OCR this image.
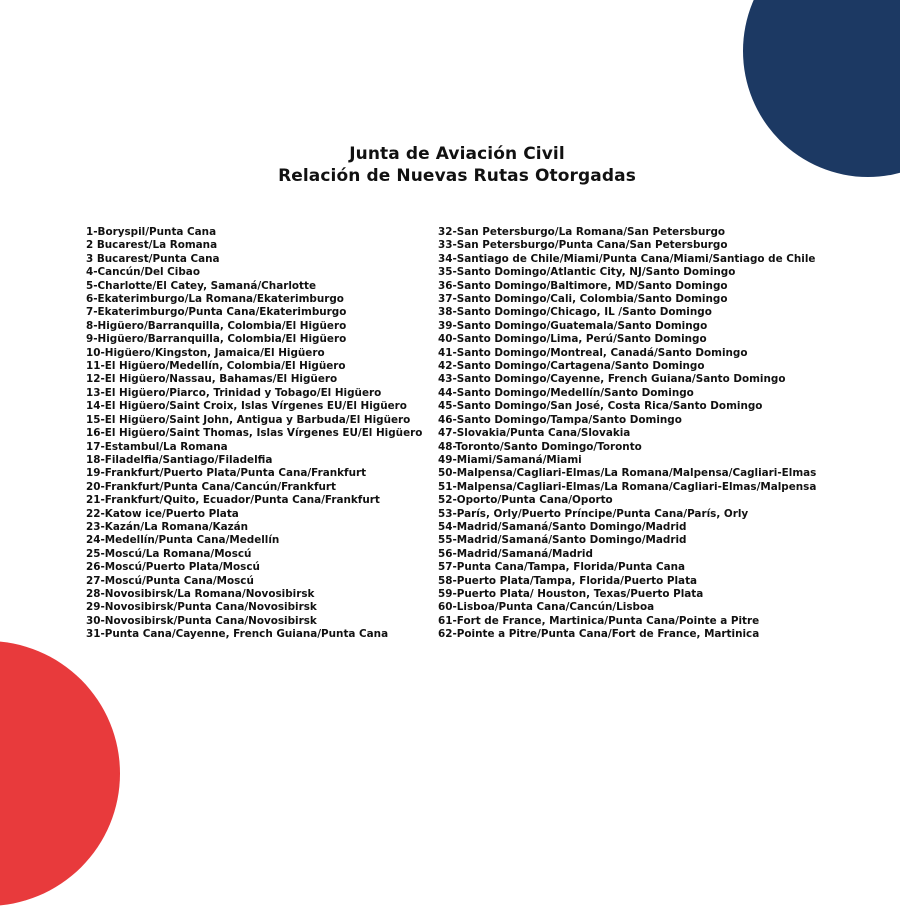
Junta de Aviación Civil
Relación de Nuevas Rutas Otorgadas
1-Boryspil/Punta Cana
2 Bucarest/La Romana
3 Bucarest/Punta Cana
4-Cancún/Del Cibao
5-Charlotte/El Catey, Samaná/Charlotte
6-Ekaterimburgo/La Romana/Ekaterimburgo
7-Ekaterimburgo/Punta Cana/Ekaterimburgo
8-Higüero/Barranquilla, Colombia/El Higüero
9-Higüero/Barranquilla, Colombia/El Higüero
10-Higüero/Kingston, Jamaica/El Higüero
11-El Higüero/Medellín, Colombia/El Higüero
12-El Higüero/Nassau, Bahamas/El Higüero
13-El Higüero/Piarco, Trinidad y Tobago/El Higüero
14-El Higüero/Saint Croix, Islas Vírgenes EU/El Higüero
15-El Higüero/Saint John, Antigua y Barbuda/El Higüero
16-El Higüero/Saint Thomas, Islas Vírgenes EU/El Higüero
17-Estambul/La Romana
18-Filadelfia/Santiago/Filadelfia
19-Frankfurt/Puerto Plata/Punta Cana/Frankfurt
20-Frankfurt/Punta Cana/Cancún/Frankfurt
21-Frankfurt/Quito, Ecuador/Punta Cana/Frankfurt
22-Katow ice/Puerto Plata
23-Kazán/La Romana/Kazán
24-Medellín/Punta Cana/Medellín
25-Moscú/La Romana/Moscú
26-Moscú/Puerto Plata/Moscú
27-Moscú/Punta Cana/Moscú
28-Novosibirsk/La Romana/Novosibirsk
29-Novosibirsk/Punta Cana/Novosibirsk
30-Novosibirsk/Punta Cana/Novosibirsk
31-Punta Cana/Cayenne, French Guiana/Punta Cana
32-San Petersburgo/La Romana/San Petersburgo
33-San Petersburgo/Punta Cana/San Petersburgo
34-Santiago de Chile/Miami/Punta Cana/Miami/Santiago de Chile
35-Santo Domingo/Atlantic City, NJ/Santo Domingo
36-Santo Domingo/Baltimore, MD/Santo Domingo
37-Santo Domingo/Cali, Colombia/Santo Domingo
38-Santo Domingo/Chicago, IL /Santo Domingo
39-Santo Domingo/Guatemala/Santo Domingo
40-Santo Domingo/Lima, Perú/Santo Domingo
41-Santo Domingo/Montreal, Canadá/Santo Domingo
42-Santo Domingo/Cartagena/Santo Domingo
43-Santo Domingo/Cayenne, French Guiana/Santo Domingo
44-Santo Domingo/Medellín/Santo Domingo
45-Santo Domingo/San José, Costa Rica/Santo Domingo
46-Santo Domingo/Tampa/Santo Domingo
47-Slovakia/Punta Cana/Slovakia
48-Toronto/Santo Domingo/Toronto
49-Miami/Samaná/Miami
50-Malpensa/Cagliari-Elmas/La Romana/Malpensa/Cagliari-Elmas
51-Malpensa/Cagliari-Elmas/La Romana/Cagliari-Elmas/Malpensa
52-Oporto/Punta Cana/Oporto
53-París, Orly/Puerto Príncipe/Punta Cana/París, Orly
54-Madrid/Samaná/Santo Domingo/Madrid
55-Madrid/Samaná/Santo Domingo/Madrid
56-Madrid/Samaná/Madrid
57-Punta Cana/Tampa, Florida/Punta Cana
58-Puerto Plata/Tampa, Florida/Puerto Plata
59-Puerto Plata/ Houston, Texas/Puerto Plata
60-Lisboa/Punta Cana/Cancún/Lisboa
61-Fort de France, Martinica/Punta Cana/Pointe a Pitre
62-Pointe a Pitre/Punta Cana/Fort de France, Martinica
